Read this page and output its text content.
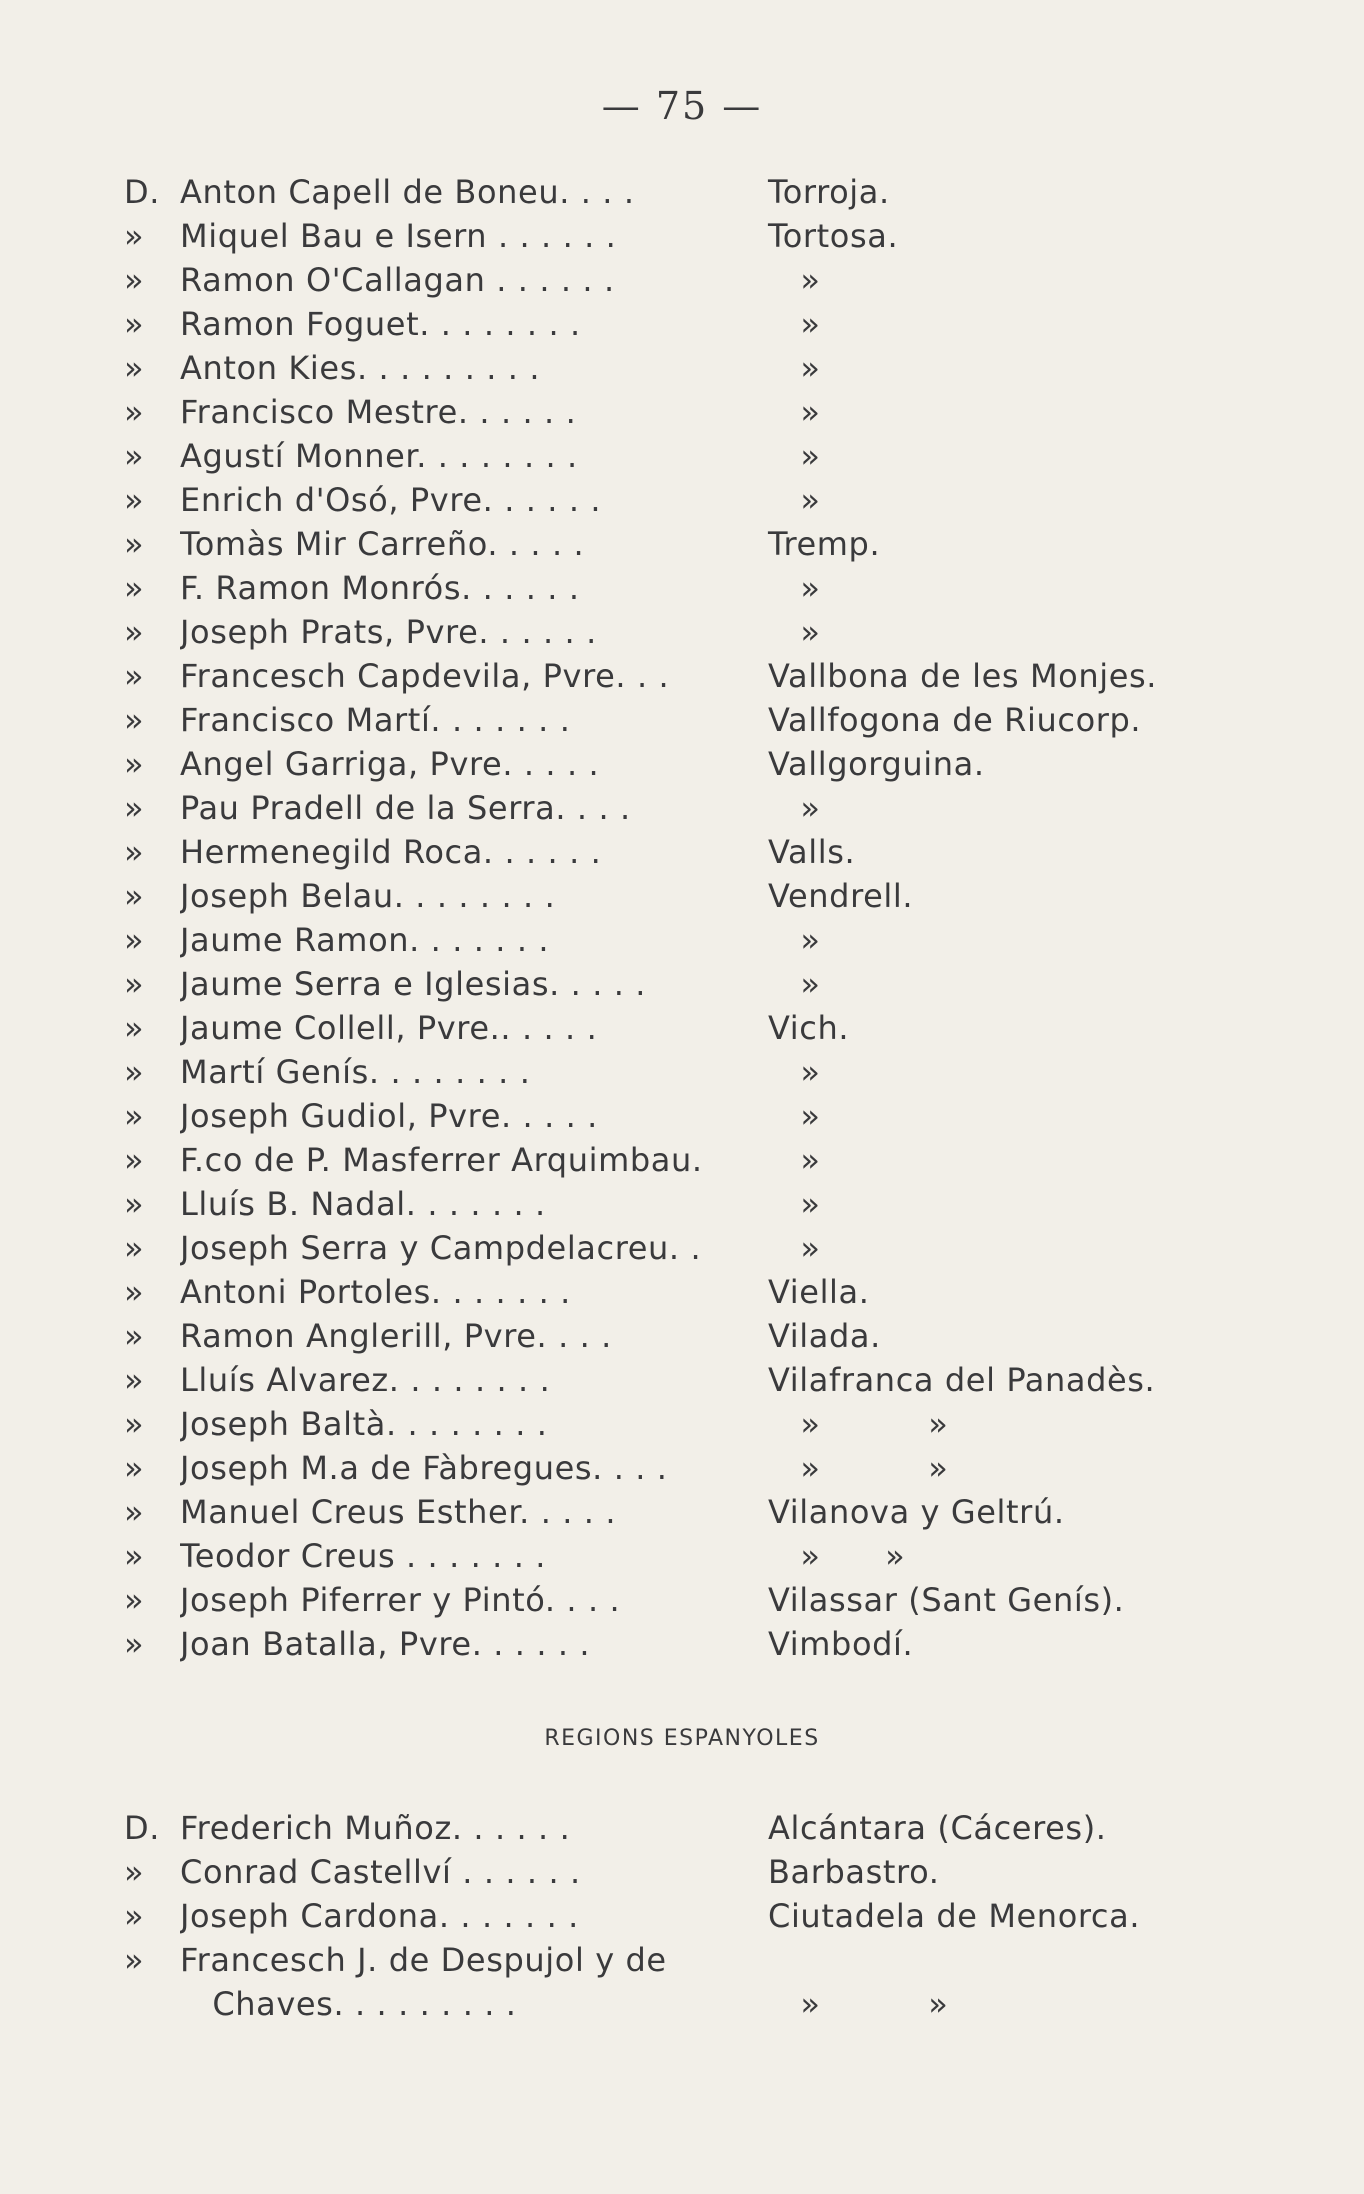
— 75 —
D. Anton Capell de Boneu. . . .	Torroja.
»	Miquel Bau e Isern . . . . . .	Tortosa.
»	Ramon O'Callagan . . . . . .	»
»	Ramon Foguet. . . . . . . .	»
»	Anton Kies. . . . . . . . .	»
»	Francisco Mestre. . . . . .	»
»	Agustí Monner. . . . . . . .	»
»	Enrich d'Osó, Pvre. . . . . .	»
»	Tomàs Mir Carreño. . . . .	Tremp.
»	F. Ramon Monrós. . . . . .	»
»	Joseph Prats, Pvre. . . . . .	»
»	Francesch Capdevila, Pvre. . .	Vallbona de les Monjes.
»	Francisco Martí. . . . . . .	Vallfogona de Riucorp.
»	Angel Garriga, Pvre. . . . .	Vallgorguina.
»	Pau Pradell de la Serra. . . .	»
»	Hermenegild Roca. . . . . .	Valls.
»	Joseph Belau. . . . . . . .	Vendrell.
»	Jaume Ramon. . . . . . .	»
»	Jaume Serra e Iglesias. . . . .	»
»	Jaume Collell, Pvre.. . . . .	Vich.
»	Martí Genís. . . . . . . .	»
»	Joseph Gudiol, Pvre. . . . .	»
»	F.co de P. Masferrer Arquimbau.	»
»	Lluís B. Nadal. . . . . . .	»
»	Joseph Serra y Campdelacreu. .	»
»	Antoni Portoles. . . . . . .	Viella.
»	Ramon Anglerill, Pvre. . . .	Vilada.
»	Lluís Alvarez. . . . . . . .	Vilafranca del Panadès.
»	Joseph Baltà. . . . . . . .	»          »
»	Joseph M.a de Fàbregues. . . .	»          »
»	Manuel Creus Esther. . . . .	Vilanova y Geltrú.
»	Teodor Creus . . . . . . .	»      »
»	Joseph Piferrer y Pintó. . . .	Vilassar (Sant Genís).
»	Joan Batalla, Pvre. . . . . .	Vimbodí.
REGIONS ESPANYOLES
D. Frederich Muñoz. . . . . .	Alcántara (Cáceres).
»	Conrad Castellví . . . . . .	Barbastro.
»	Joseph Cardona. . . . . . .	Ciutadela de Menorca.
»	Francesch J. de Despujol y de
Chaves. . . . . . . . .	»          »
